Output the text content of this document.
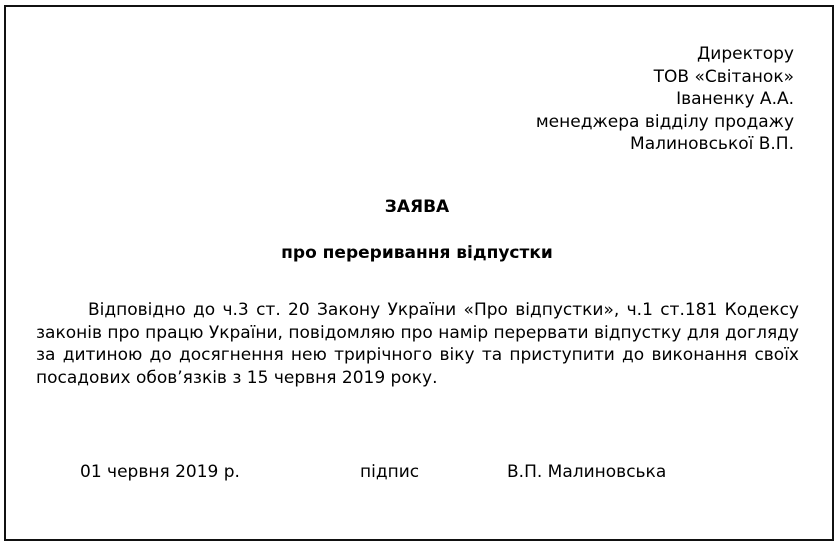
Директору
ТОВ «Світанок»
Іваненку А.А.
менеджера відділу продажу
Малиновської В.П.
ЗАЯВА
про переривання відпустки

Відповідно до ч.3 ст. 20 Закону України «Про відпустки», ч.1 ст.181 Кодексу законів про працю України, повідомляю про намір перервати відпустку для догляду за дитиною до досягнення нею трирічного віку та приступити до виконання своїх посадових обов’язків з 15 червня 2019 року.

01 червня 2019 р.	підпис	В.П. Малиновська
